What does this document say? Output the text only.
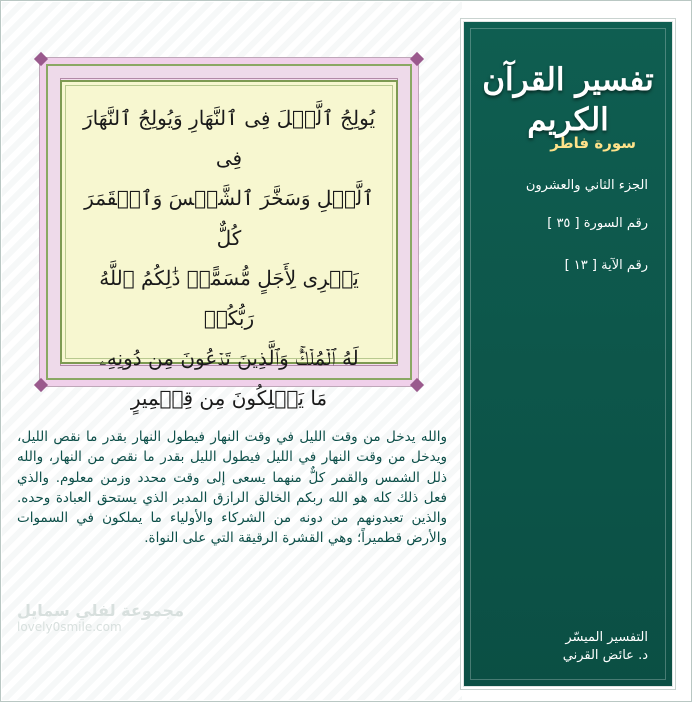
يُولِجُ ٱلَّيۡلَ فِى ٱلنَّهَارِ وَيُولِجُ ٱلنَّهَارَ فِى
ٱلَّيۡلِ وَسَخَّرَ ٱلشَّمۡسَ وَٱلۡقَمَرَ كُلٌّ
يَجۡرِى لِأَجَلٍ مُّسَمًّىۚ ذَٰلِكُمُ ٱللَّهُ رَبُّكُمۡ
لَهُ ٱلۡمُلۡكُۚ وَٱلَّذِينَ تَدۡعُونَ مِن دُونِهِۦ
مَا يَمۡلِكُونَ مِن قِطۡمِيرٍ
والله يدخل من وقت الليل في وقت النهار فيطول النهار بقدر ما نقص الليل، ويدخل من وقت النهار في الليل فيطول الليل بقدر ما نقص من النهار، والله ذلل الشمس والقمر كلٌّ منهما يسعى إلى وقت محدد وزمن معلوم. والذي فعل ذلك كله هو الله ربكم الخالق الرازق المدبر الذي يستحق العبادة وحده. والذين تعبدونهم من دونه من الشركاء والأولياء ما يملكون في السموات والأرض قطميراً؛ وهي القشرة الرقيقة التي على النواة.
مجموعة لفلي سمايل
lovely0smile.com
تفسير القرآن الكريم
سورة فاطر
الجزء الثاني والعشرون
رقم السورة [ ٣٥ ]
رقم الآية [ ١٣ ]
التفسير الميسّر
د. عائض القرني
